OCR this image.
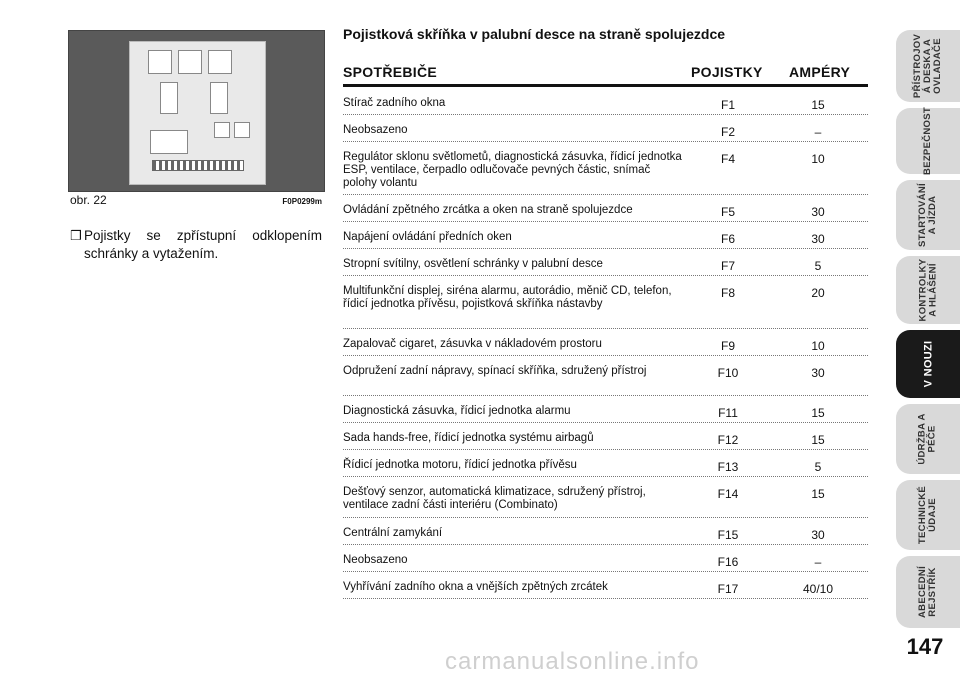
obr. 22	F0P0299m
❒ Pojistky se zpřístupní odklopením schránky a vytažením.
Pojistková skříňka v palubní desce na straně spolujezdce
SPOTŘEBIČE	POJISTKY AMPÉRY
Stírač zadního okna	F1	15
Neobsazeno	F2	–
Regulátor sklonu světlometů, diagnostická zásuvka, řídicí jednotka ESP, ventilace, čerpadlo odlučovače pevných částic, snímač polohy volantu
F4	10
Ovládání zpětného zrcátka a oken na straně spolujezdce	F5	30
Napájení ovládání předních oken	F6	30
Stropní svítilny, osvětlení schránky v palubní desce	F7	5
Multifunkční displej, siréna alarmu, autorádio, měnič CD, telefon, řídicí jednotka přívěsu, pojistková skříňka nástavby
F8	20
Zapalovač cigaret, zásuvka v nákladovém prostoru	F9	10
Odpružení zadní nápravy, spínací skříňka, sdružený přístroj	F10	30
Diagnostická zásuvka, řídicí jednotka alarmu	F11	15
Sada hands-free, řídicí jednotka systému airbagů	F12	15
Řídicí jednotka motoru, řídicí jednotka přívěsu	F13	5
Dešťový senzor, automatická klimatizace, sdružený přístroj, ventilace zadní části interiéru (Combinato)
F14	15
Centrální zamykání	F15	30
Neobsazeno	F16	–
Vyhřívání zadního okna a vnějších zpětných zrcátek	F17	40/10
PŘÍSTROJOV
Á DESKA A
OVLADAČE
BEZPEČNOST
STARTOVÁNÍ
A JÍZDA
KONTROLKY
A HLÁŠENÍ
V NOUZI
ÚDRŽBA A
PÉČE
TECHNICKÉ
ÚDAJE
ABECEDNÍ
REJSTŘÍK
147
carmanualsonline.info
